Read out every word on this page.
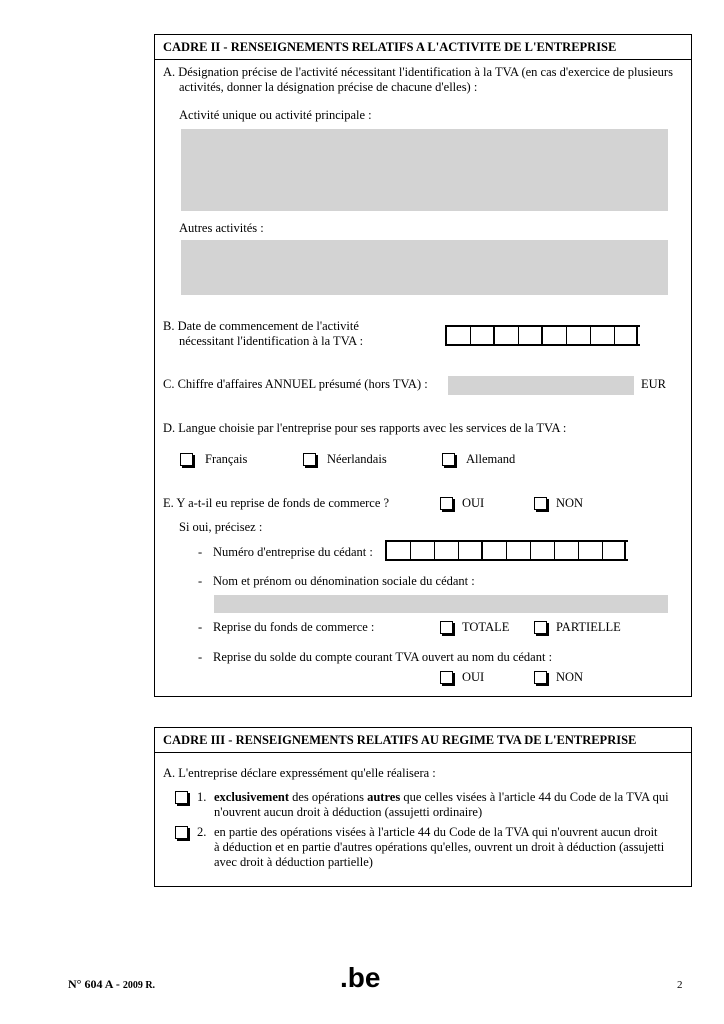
CADRE II - RENSEIGNEMENTS RELATIFS A L'ACTIVITE DE L'ENTREPRISE
A. Désignation précise de l'activité nécessitant l'identification à la TVA (en cas d'exercice de plusieurs
activités, donner la désignation précise de chacune d'elles) :
Activité unique ou activité principale :
Autres activités :
B. Date de commencement de l'activité
nécessitant l'identification à la TVA :
C. Chiffre d'affaires ANNUEL présumé (hors TVA) :	EUR
D. Langue choisie par l'entreprise pour ses rapports avec les services de la TVA :
Français	Néerlandais	Allemand
E. Y a-t-il eu reprise de fonds de commerce ?	OUI	NON
Si oui, précisez :
- Numéro d'entreprise du cédant :
- Nom et prénom ou dénomination sociale du cédant :
- Reprise du fonds de commerce :	TOTALE	PARTIELLE
- Reprise du solde du compte courant TVA ouvert au nom du cédant :
OUI	NON
CADRE III - RENSEIGNEMENTS RELATIFS AU REGIME TVA DE L'ENTREPRISE
A. L'entreprise déclare expressément qu'elle réalisera :
1. exclusivement des opérations autres que celles visées à l'article 44 du Code de la TVA qui
n'ouvrent aucun droit à déduction (assujetti ordinaire)
2. en partie des opérations visées à l'article 44 du Code de la TVA qui n'ouvrent aucun droit
à déduction et en partie d'autres opérations qu'elles, ouvrent un droit à déduction (assujetti
avec droit à déduction partielle)
N° 604 A - 2009 R.	.be	2
